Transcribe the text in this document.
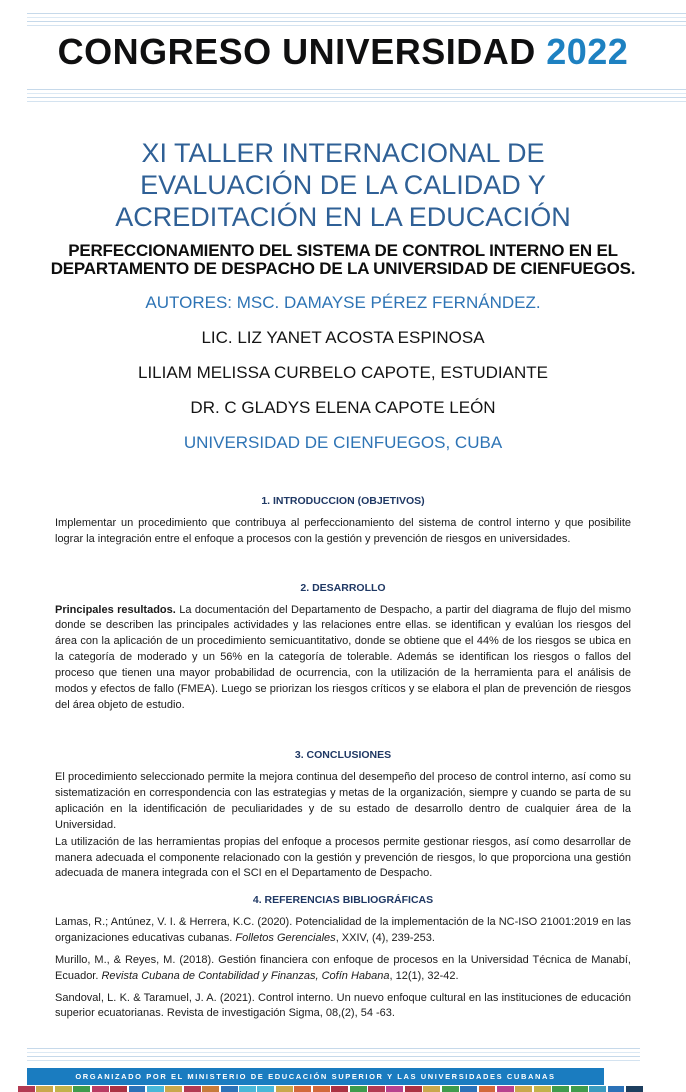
CONGRESO UNIVERSIDAD 2022
XI TALLER INTERNACIONAL DE EVALUACIÓN DE LA CALIDAD Y ACREDITACIÓN EN LA EDUCACIÓN
PERFECCIONAMIENTO DEL SISTEMA DE CONTROL INTERNO EN EL DEPARTAMENTO DE DESPACHO DE LA UNIVERSIDAD DE CIENFUEGOS.
AUTORES: MSC. DAMAYSE PÉREZ FERNÁNDEZ.
LIC. LIZ YANET ACOSTA ESPINOSA
LILIAM MELISSA CURBELO CAPOTE, ESTUDIANTE
DR. C GLADYS ELENA CAPOTE LEÓN
UNIVERSIDAD DE CIENFUEGOS, CUBA
1. INTRODUCCION (OBJETIVOS)

Implementar un procedimiento que contribuya al perfeccionamiento del sistema de control interno y que posibilite lograr la integración entre el enfoque a procesos con la gestión y prevención de riesgos en universidades.

2. DESARROLLO

Principales resultados. La documentación del Departamento de Despacho, a partir del diagrama de flujo del mismo donde se describen las principales actividades y las relaciones entre ellas. se identifican y evalúan los riesgos del área con la aplicación de un procedimiento semicuantitativo, donde se obtiene que el 44% de los riesgos se ubica en la categoría de moderado y un 56% en la categoría de tolerable. Además se identifican los riesgos o fallos del proceso que tienen una mayor probabilidad de ocurrencia, con la utilización de la herramienta para el análisis de modos y efectos de fallo (FMEA). Luego se priorizan los riesgos críticos y se elabora el plan de prevención de riesgos del área objeto de estudio.

3. CONCLUSIONES

El procedimiento seleccionado permite la mejora continua del desempeño del proceso de control interno, así como su sistematización en correspondencia con las estrategias y metas de la organización, siempre y cuando se parta de su aplicación en la identificación de peculiaridades y de su estado de desarrollo dentro de cualquier área de la Universidad.

La utilización de las herramientas propias del enfoque a procesos permite gestionar riesgos, así como desarrollar de manera adecuada el componente relacionado con la gestión y prevención de riesgos, lo que proporciona una gestión adecuada de manera integrada con el SCI en el Departamento de Despacho.

4. REFERENCIAS BIBLIOGRÁFICAS

Lamas, R.; Antúnez, V. I. & Herrera, K.C. (2020). Potencialidad de la implementación de la NC-ISO 21001:2019 en las organizaciones educativas cubanas. Folletos Gerenciales, XXIV, (4), 239-253.

Murillo, M., & Reyes, M. (2018). Gestión financiera con enfoque de procesos en la Universidad Técnica de Manabí, Ecuador. Revista Cubana de Contabilidad y Finanzas, Cofín Habana, 12(1), 32-42.

Sandoval, L. K. & Taramuel, J. A. (2021). Control interno. Un nuevo enfoque cultural en las instituciones de educación superior ecuatorianas. Revista de investigación Sigma, 08,(2), 54 -63.

ORGANIZADO POR EL MINISTERIO DE EDUCACIÓN SUPERIOR Y LAS UNIVERSIDADES CUBANAS
